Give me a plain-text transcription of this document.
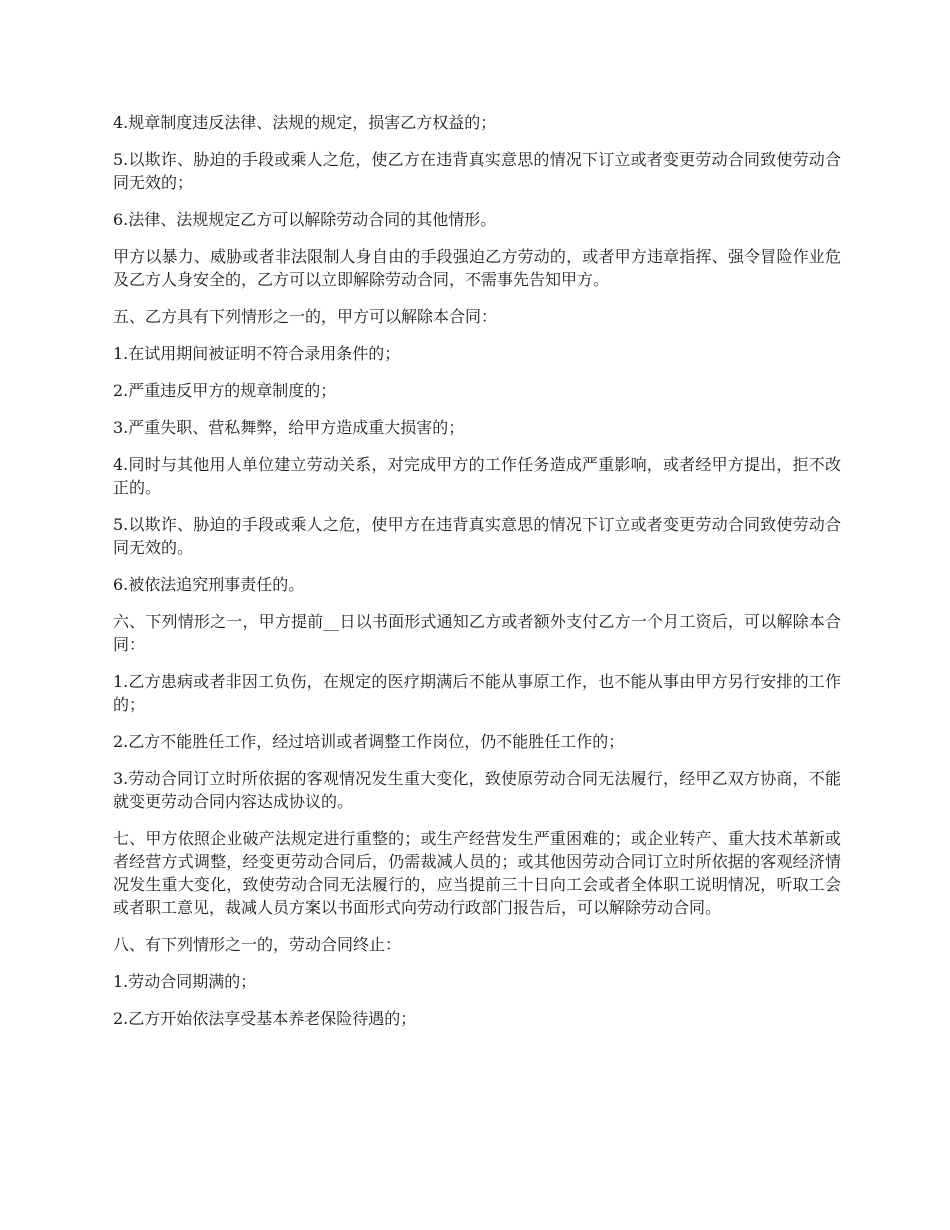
4.规章制度违反法律、法规的规定，损害乙方权益的；

5.以欺诈、胁迫的手段或乘人之危，使乙方在违背真实意思的情况下订立或者变更劳动合同致使劳动合同无效的；

6.法律、法规规定乙方可以解除劳动合同的其他情形。

甲方以暴力、威胁或者非法限制人身自由的手段强迫乙方劳动的，或者甲方违章指挥、强令冒险作业危及乙方人身安全的，乙方可以立即解除劳动合同，不需事先告知甲方。

五、乙方具有下列情形之一的，甲方可以解除本合同：

1.在试用期间被证明不符合录用条件的；

2.严重违反甲方的规章制度的；

3.严重失职、营私舞弊，给甲方造成重大损害的；

4.同时与其他用人单位建立劳动关系，对完成甲方的工作任务造成严重影响，或者经甲方提出，拒不改正的。

5.以欺诈、胁迫的手段或乘人之危，使甲方在违背真实意思的情况下订立或者变更劳动合同致使劳动合同无效的。

6.被依法追究刑事责任的。

六、下列情形之一，甲方提前__日以书面形式通知乙方或者额外支付乙方一个月工资后，可以解除本合同：

1.乙方患病或者非因工负伤，在规定的医疗期满后不能从事原工作，也不能从事由甲方另行安排的工作的；

2.乙方不能胜任工作，经过培训或者调整工作岗位，仍不能胜任工作的；

3.劳动合同订立时所依据的客观情况发生重大变化，致使原劳动合同无法履行，经甲乙双方协商，不能就变更劳动合同内容达成协议的。

七、甲方依照企业破产法规定进行重整的；或生产经营发生严重困难的；或企业转产、重大技术革新或者经营方式调整，经变更劳动合同后，仍需裁减人员的；或其他因劳动合同订立时所依据的客观经济情况发生重大变化，致使劳动合同无法履行的，应当提前三十日向工会或者全体职工说明情况，听取工会或者职工意见，裁减人员方案以书面形式向劳动行政部门报告后，可以解除劳动合同。

八、有下列情形之一的，劳动合同终止：

1.劳动合同期满的；

2.乙方开始依法享受基本养老保险待遇的；
